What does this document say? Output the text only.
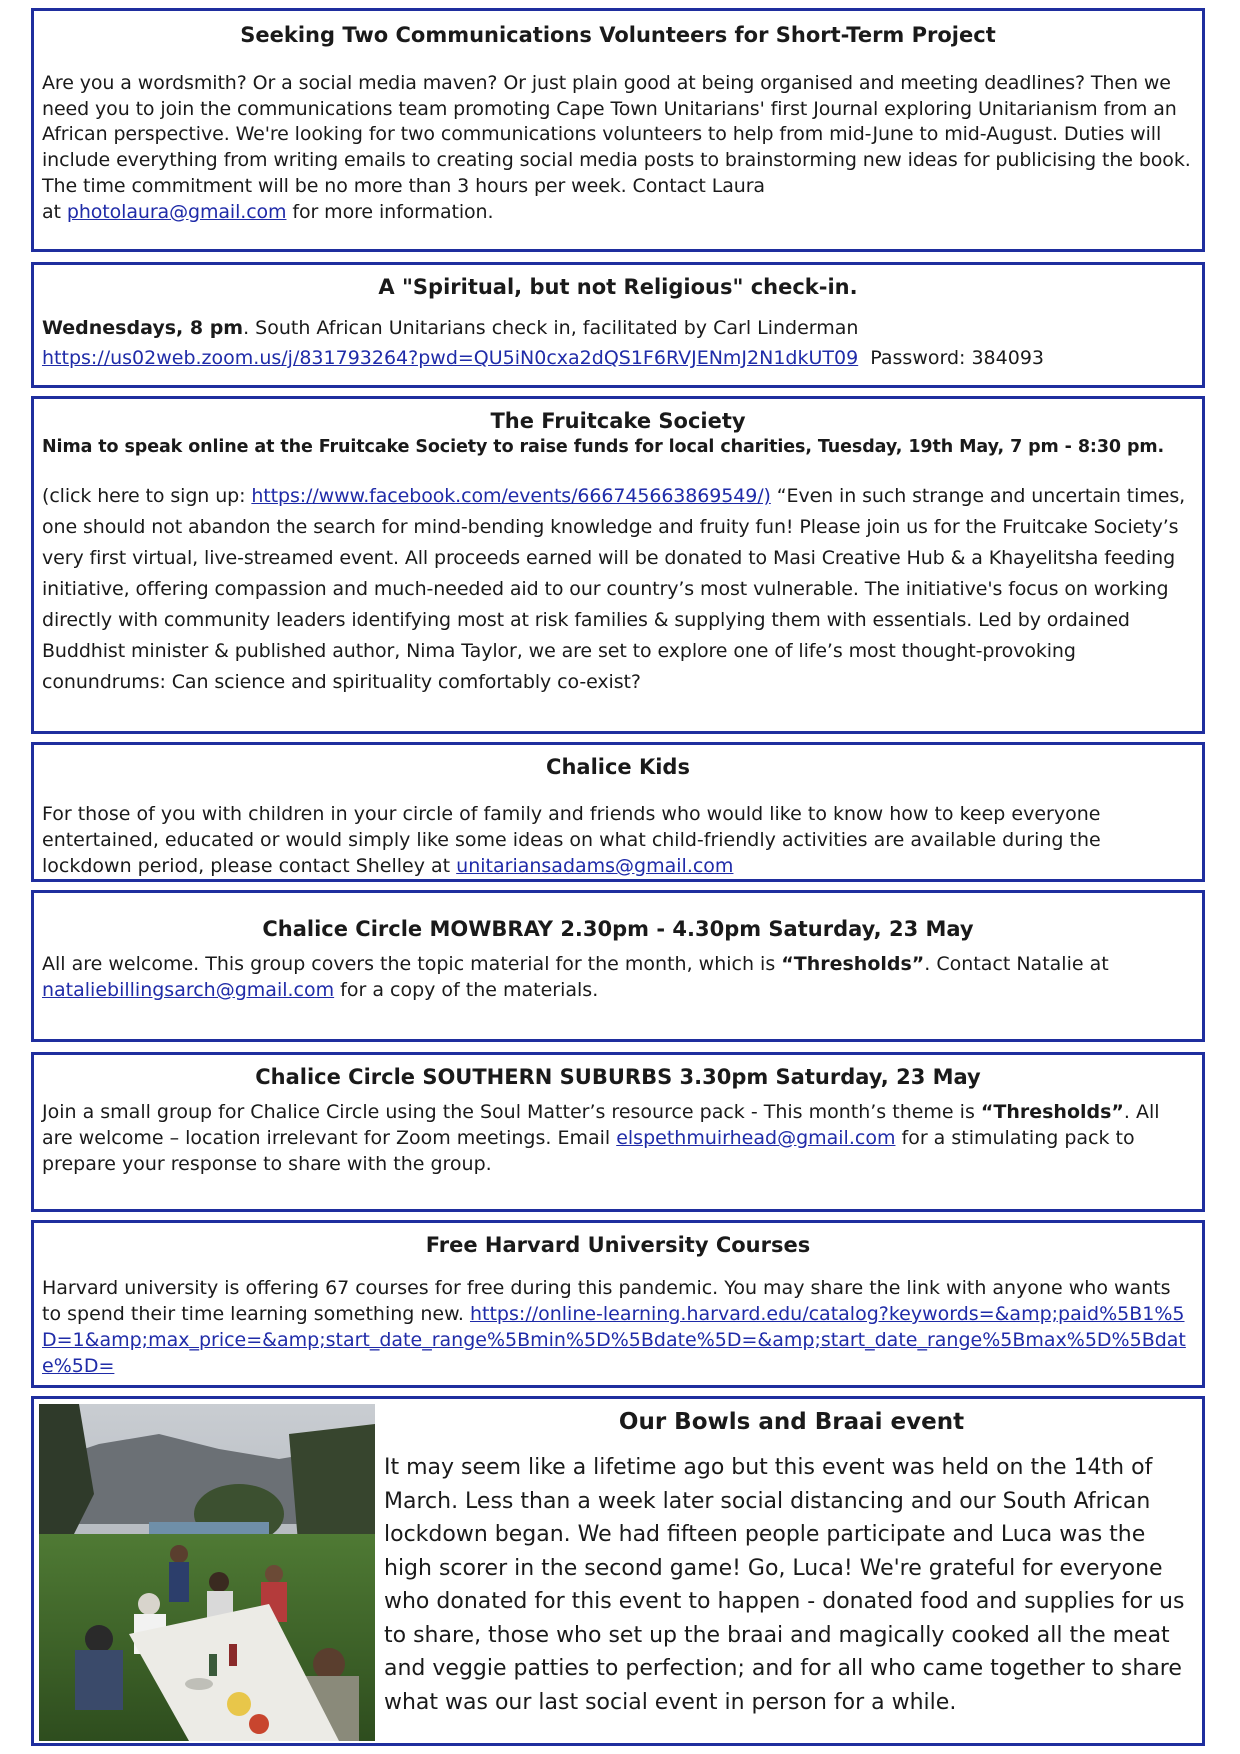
Seeking Two Communications Volunteers for Short-Term Project

Are you a wordsmith? Or a social media maven? Or just plain good at being organised and meeting deadlines? Then we need you to join the communications team promoting Cape Town Unitarians' first Journal exploring Unitarianism from an African perspective. We're looking for two communications volunteers to help from mid-June to mid-August. Duties will include everything from writing emails to creating social media posts to brainstorming new ideas for publicising the book. The time commitment will be no more than 3 hours per week. Contact Laura
at photolaura@gmail.com for more information.

A "Spiritual, but not Religious" check-in.

Wednesdays, 8 pm. South African Unitarians check in, facilitated by Carl Linderman
https://us02web.zoom.us/j/831793264?pwd=QU5iN0cxa2dQS1F6RVJENmJ2N1dkUT09 Password: 384093

The Fruitcake Society

Nima to speak online at the Fruitcake Society to raise funds for local charities, Tuesday, 19th May, 7 pm - 8:30 pm.

(click here to sign up: https://www.facebook.com/events/666745663869549/) “Even in such strange and uncertain times, one should not abandon the search for mind-bending knowledge and fruity fun! Please join us for the Fruitcake Society’s very first virtual, live-streamed event. All proceeds earned will be donated to Masi Creative Hub & a Khayelitsha feeding initiative, offering compassion and much-needed aid to our country’s most vulnerable. The initiative's focus on working directly with community leaders identifying most at risk families & supplying them with essentials. Led by ordained Buddhist minister & published author, Nima Taylor, we are set to explore one of life’s most thought-provoking conundrums: Can science and spirituality comfortably co-exist?

Chalice Kids

For those of you with children in your circle of family and friends who would like to know how to keep everyone entertained, educated or would simply like some ideas on what child-friendly activities are available during the lockdown period, please contact Shelley at unitariansadams@gmail.com

Chalice Circle MOWBRAY 2.30pm - 4.30pm Saturday, 23 May

All are welcome. This group covers the topic material for the month, which is “Thresholds”. Contact Natalie at
nataliebillingsarch@gmail.com for a copy of the materials.

Chalice Circle SOUTHERN SUBURBS 3.30pm Saturday, 23 May

Join a small group for Chalice Circle using the Soul Matter’s resource pack - This month’s theme is “Thresholds”. All are welcome – location irrelevant for Zoom meetings. Email elspethmuirhead@gmail.com for a stimulating pack to prepare your response to share with the group.

Free Harvard University Courses

Harvard university is offering 67 courses for free during this pandemic. You may share the link with anyone who wants to spend their time learning something new. https://online-learning.harvard.edu/catalog?keywords=&amp;paid%5B1%5D=1&amp;max_price=&amp;start_date_range%5Bmin%5D%5Bdate%5D=&amp;start_date_range%5Bmax%5D%5Bdate%5D=

Our Bowls and Braai event

It may seem like a lifetime ago but this event was held on the 14th of March. Less than a week later social distancing and our South African lockdown began. We had fifteen people participate and Luca was the high scorer in the second game! Go, Luca! We're grateful for everyone who donated for this event to happen - donated food and supplies for us to share, those who set up the braai and magically cooked all the meat and veggie patties to perfection; and for all who came together to share what was our last social event in person for a while.
